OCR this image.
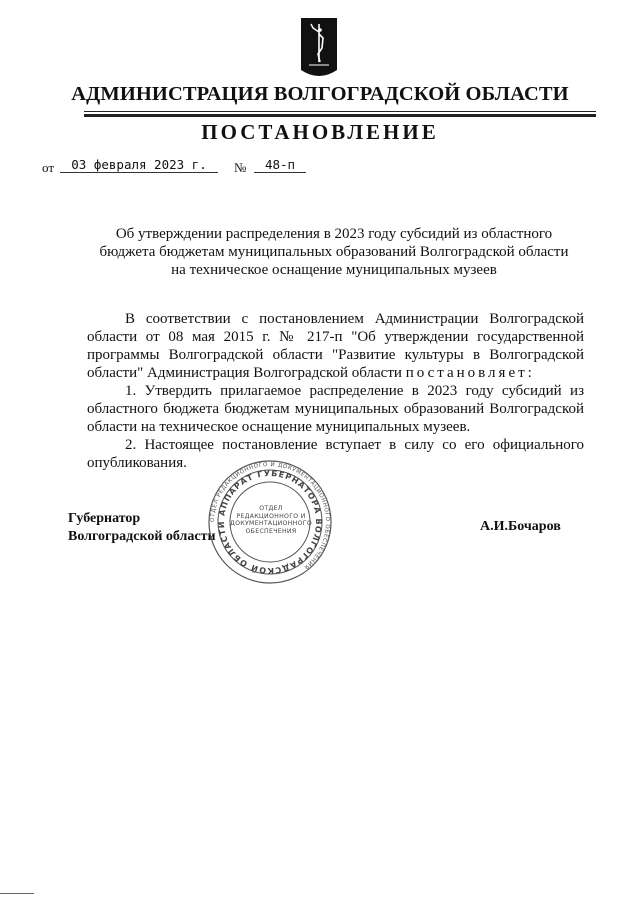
АДМИНИСТРАЦИЯ ВОЛГОГРАДСКОЙ ОБЛАСТИ
ПОСТАНОВЛЕНИЕ
от	03 февраля 2023 г.	№	48-п
Об утверждении распределения в 2023 году субсидий из областного
бюджета бюджетам муниципальных образований Волгоградской области
на техническое оснащение муниципальных музеев

В соответствии с постановлением Администрации Волгоградской области от 08 мая 2015 г. № 217-п "Об утверждении государственной программы Волгоградской области "Развитие культуры в Волгоградской области" Администрация Волгоградской области постановляет:

1. Утвердить прилагаемое распределение в 2023 году субсидий из областного бюджета бюджетам муниципальных образований Волгоградской области на техническое оснащение муниципальных музеев.

2. Настоящее постановление вступает в силу со его официального опубликования.

Губернатор
Волгоградской области
ОТДЕЛ РЕДАКЦИОННОГО И ДОКУМЕНТАЦИОННОГО ОБЕСПЕЧЕНИЯ
АППАРАТ ГУБЕРНАТОРА ВОЛГОГРАДСКОЙ ОБЛАСТИ
ОТДЕЛ
РЕДАКЦИОННОГО И
ДОКУМЕНТАЦИОННОГО
ОБЕСПЕЧЕНИЯ	А.И.Бочаров
